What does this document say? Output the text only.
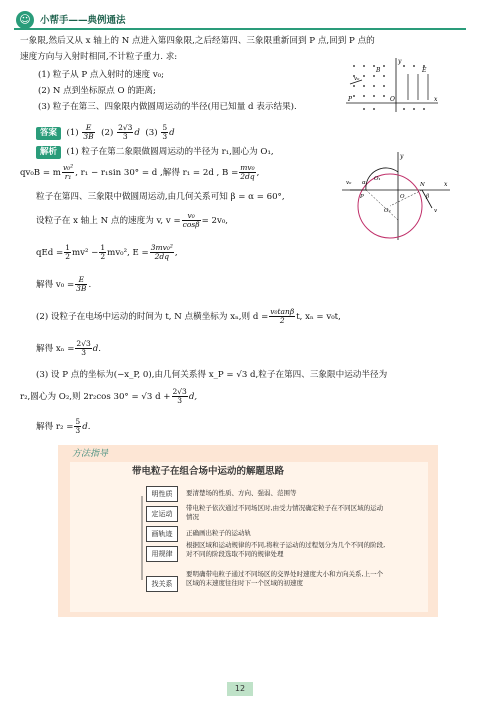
☺ 小帮手——典例通法
一象限,然后又从 x 轴上的 N 点进入第四象限,之后经第四、三象限重新回到 P 点,回到 P 点的
速度方向与入射时相同,不计粒子重力. 求:
(1) 粒子从 P 点入射时的速度 v₀;
(2) N 点到坐标原点 O 的距离;
(3) 粒子在第三、四象限内做圆周运动的半径(用已知量 d 表示结果).
y
B	E
P	O	x
v₀
答案 $(1) \frac{E}{3B} (2) \frac{2√3}{3}$ d $(3) \frac{5}{3}$ d
解析 (1) 粒子在第二象限做圆周运动的半径为 r₁,圆心为 O₁,
qv₀B = m $\frac{\text{v₀²}}{\text{r₁}}$ , r₁ − r₁sin 30° = d ,解得 r₁ = 2d , $B = \frac{\text{mv₀}}{2dq}$ ,
粒子在第四、三象限中做圆周运动,由几何关系可知 β = α = 60°,
设粒子在 x 轴上 N 点的速度为 v, $v = \frac{\text{v₀}}{\cos\beta} = 2v_0$,
qEd = $\frac{1}{2} mv^2 - \frac{1}{2} mv_0^2$, $E = \frac{\text{3mv₀²}}{2dq}$ ,
解得 $v_0 = \frac{E}{3B}$ .
(2) 设粒子在电场中运动的时间为 t, N 点横坐标为 xₙ,则 $d = \frac{\text{v₀tanβ}}{2} t$, xₙ = v₀t,
解得 $x_n = \frac{2√3}{3} d$.
(3) 设 P 点的坐标为(−x_P, 0),由几何关系得 x_P = √3 d,粒子在第四、三象限中运动半径为
r₂,圆心为 O₂,则 2r₂cos 30° = √3 $d + \frac{2√3}{3} d$,
解得 $r_2 = \frac{5}{3} d$.
y
v₀ α
P
O₁
O₂
O
N	x
β
v
方法指导
带电粒子在组合场中运动的解题思路
明性质	要清楚场的性质、方向、强弱、范围等
定运动
带电粒子依次通过不同场区时,由受力情况确定粒子在不同区域的运动情况
画轨迹	正确画出粒子的运动轨
用规律
根据区域和运动规律的不同,将粒子运动的过程划分为几个不同的阶段,对不同的阶段选取不同的规律处理
找关系
要明确带电粒子通过不同场区的交界处时速度大小和方向关系,上一个区域的末速度往往时下一个区域的初速度
12
